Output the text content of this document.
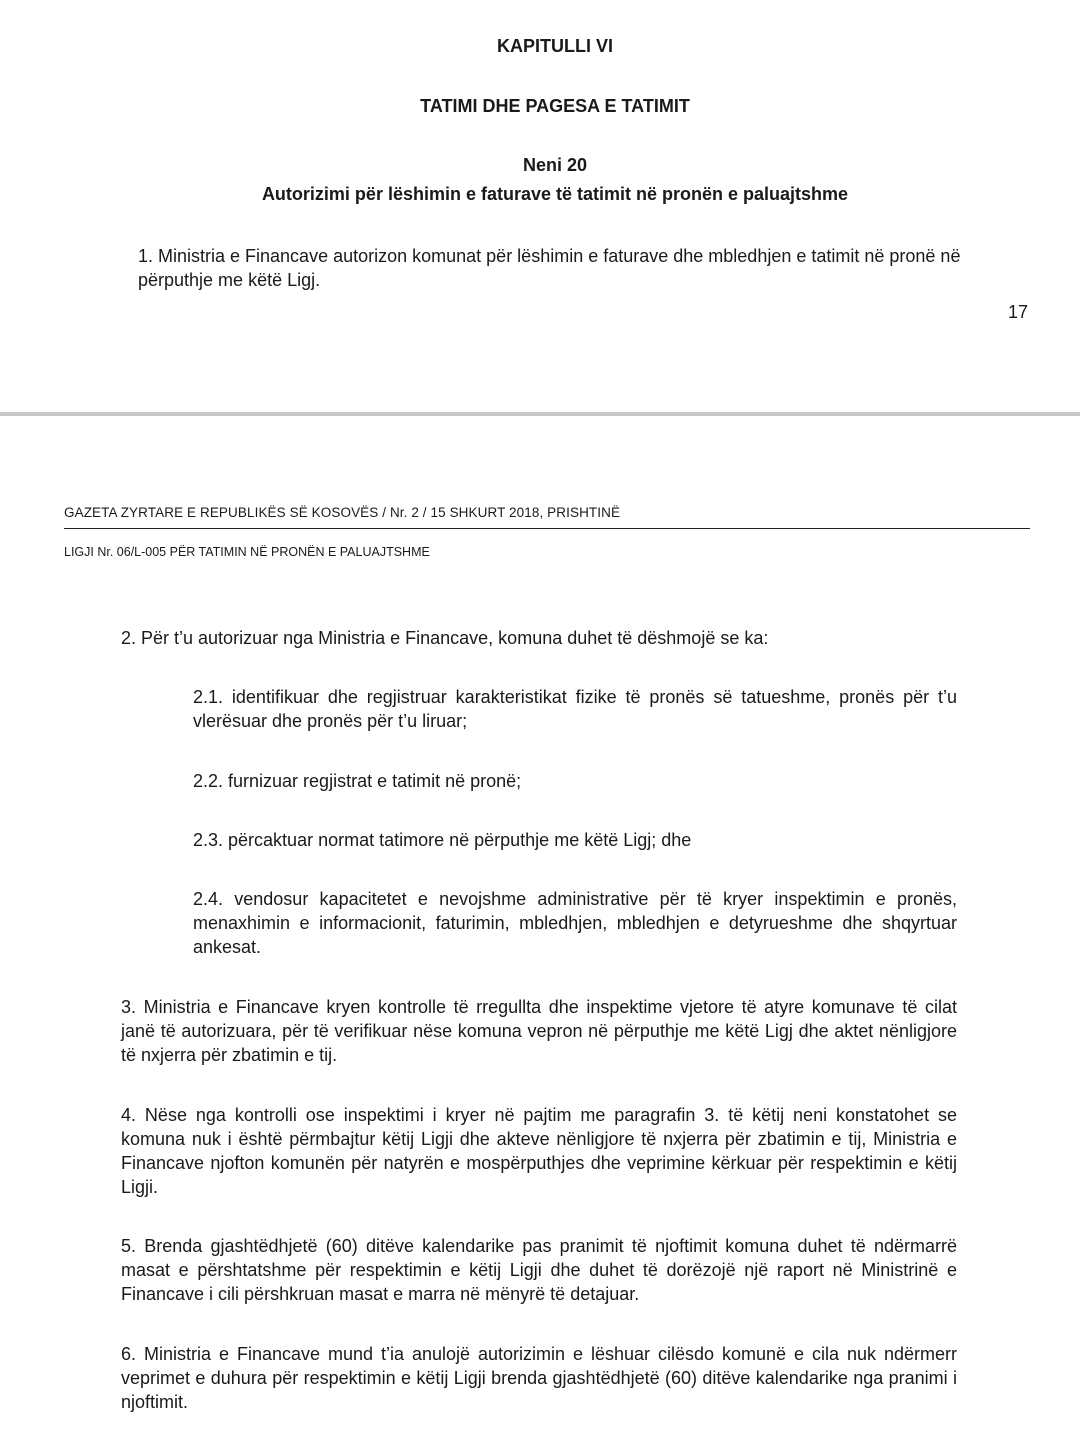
KAPITULLI VI
TATIMI DHE PAGESA E TATIMIT
Neni 20
Autorizimi për lëshimin e faturave të tatimit në pronën e paluajtshme
1. Ministria e Financave autorizon komunat për lëshimin e faturave dhe mbledhjen e tatimit në pronë në përputhje me këtë Ligj.
17
GAZETA ZYRTARE E REPUBLIKËS SË KOSOVËS / Nr. 2 / 15 SHKURT 2018, PRISHTINË
LIGJI Nr. 06/L-005 PËR TATIMIN NË PRONËN E PALUAJTSHME
2. Për t’u autorizuar nga Ministria e Financave, komuna duhet të dëshmojë se ka:
2.1. identifikuar dhe regjistruar karakteristikat fizike të pronës së tatueshme, pronës për t’u vlerësuar dhe pronës për t’u liruar;
2.2. furnizuar regjistrat e tatimit në pronë;
2.3. përcaktuar normat tatimore në përputhje me këtë Ligj; dhe
2.4. vendosur kapacitetet e nevojshme administrative për të kryer inspektimin e pronës, menaxhimin e informacionit, faturimin, mbledhjen, mbledhjen e detyrueshme dhe shqyrtuar ankesat.
3. Ministria e Financave kryen kontrolle të rregullta dhe inspektime vjetore të atyre komunave të cilat janë të autorizuara, për të verifikuar nëse komuna vepron në përputhje me këtë Ligj dhe aktet nënligjore të nxjerra për zbatimin e tij.
4. Nëse nga kontrolli ose inspektimi i kryer në pajtim me paragrafin 3. të këtij neni konstatohet se komuna nuk i është përmbajtur këtij Ligji dhe akteve nënligjore të nxjerra për zbatimin e tij, Ministria e Financave njofton komunën për natyrën e mospërputhjes dhe veprimine kërkuar për respektimin e këtij Ligji.
5. Brenda gjashtëdhjetë (60) ditëve kalendarike pas pranimit të njoftimit komuna duhet të ndërmarrë masat e përshtatshme për respektimin e këtij Ligji dhe duhet të dorëzojë një raport në Ministrinë e Financave i cili përshkruan masat e marra në mënyrë të detajuar.
6. Ministria e Financave mund t’ia anulojë autorizimin e lëshuar cilësdo komunë e cila nuk ndërmerr veprimet e duhura për respektimin e këtij Ligji brenda gjashtëdhjetë (60) ditëve kalendarike nga pranimi i njoftimit.
